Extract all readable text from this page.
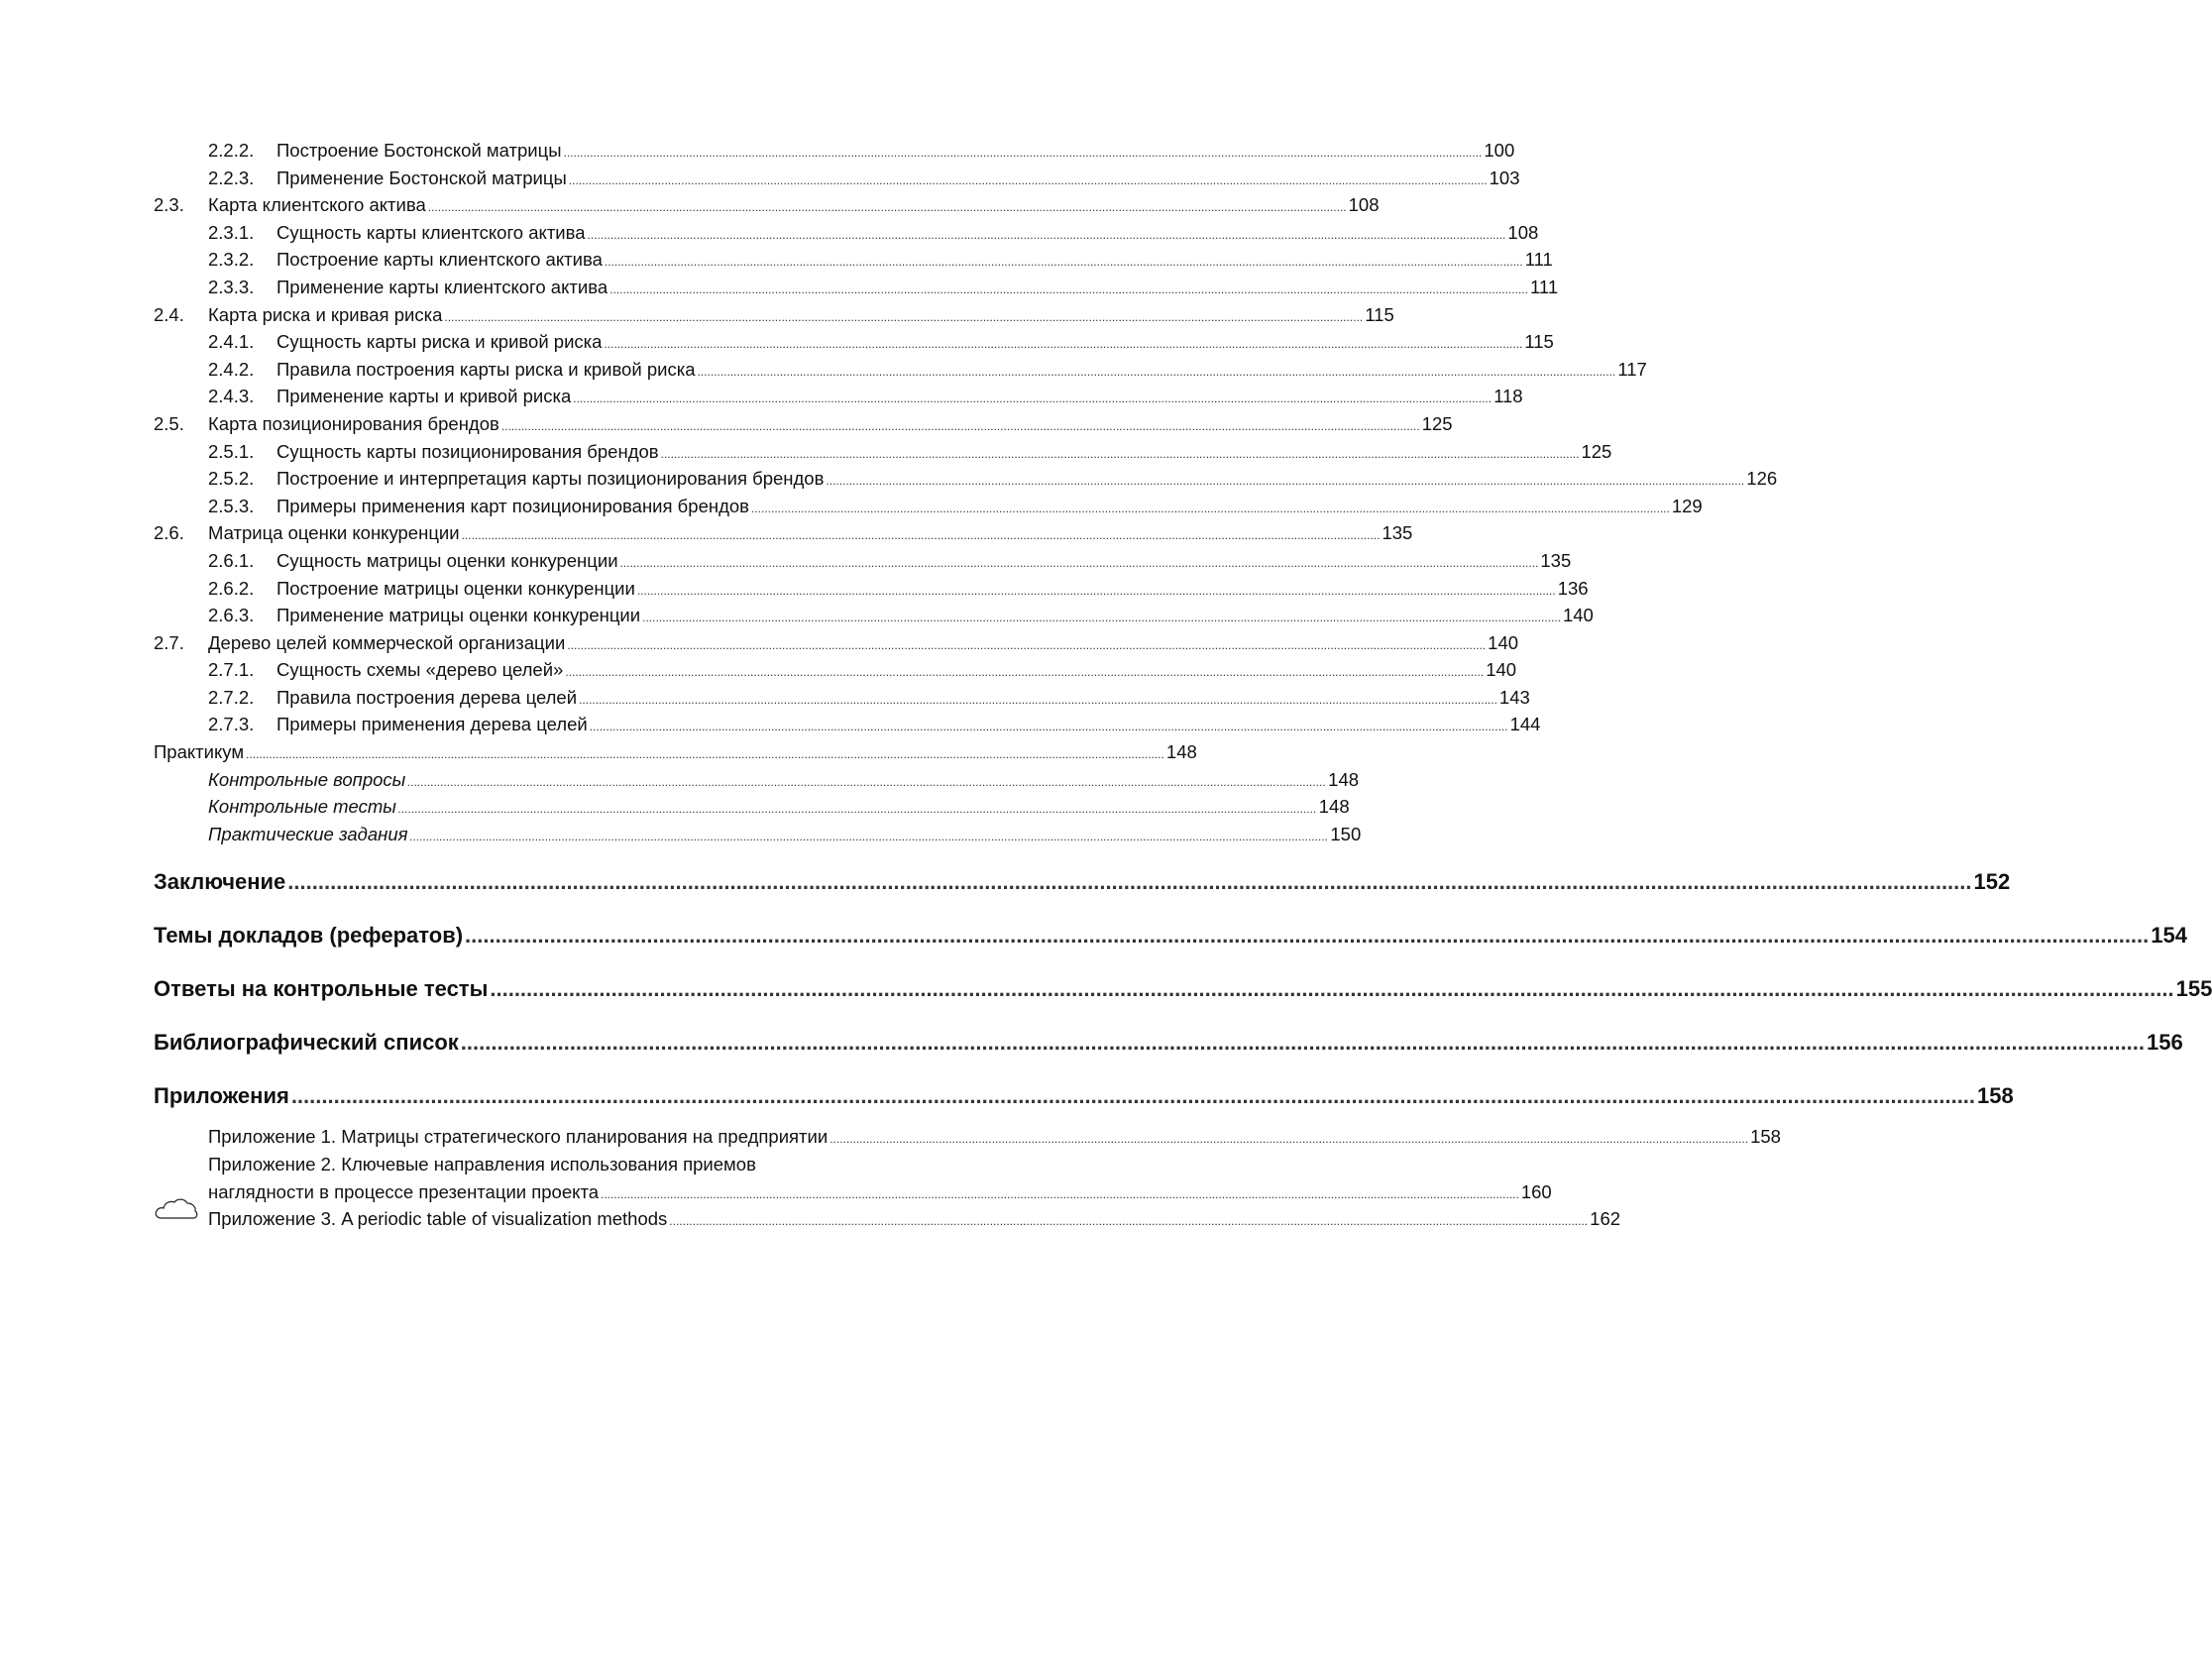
2.2.2.	Построение Бостонской матрицы .....	100
2.2.3.	Применение Бостонской матрицы .....	103
2.3.	Карта клиентского актива .....	108
2.3.1.	Сущность карты клиентского актива .....	108
2.3.2.	Построение карты клиентского актива .....	111
2.3.3.	Применение карты клиентского актива .....	111
2.4.	Карта риска и кривая риска .....	115
2.4.1.	Сущность карты риска и кривой риска .....	115
2.4.2.	Правила построения карты риска и кривой риска .....	117
2.4.3.	Применение карты и кривой риска .....	118
2.5.	Карта позиционирования брендов .....	125
2.5.1.	Сущность карты позиционирования брендов .....	125
2.5.2.	Построение и интерпретация карты позиционирования брендов .....	126
2.5.3.	Примеры применения карт позиционирования брендов .....	129
2.6.	Матрица оценки конкуренции .....	135
2.6.1.	Сущность матрицы оценки конкуренции .....	135
2.6.2.	Построение матрицы оценки конкуренции .....	136
2.6.3.	Применение матрицы оценки конкуренции .....	140
2.7.	Дерево целей коммерческой организации .....	140
2.7.1.	Сущность схемы «дерево целей» .....	140
2.7.2.	Правила построения дерева целей .....	143
2.7.3.	Примеры применения дерева целей .....	144
Практикум .....	148
Контрольные вопросы .....	148
Контрольные тесты .....	148
Практические задания .....	150
Заключение .....	152
Темы докладов (рефератов) .....	154
Ответы на контрольные тесты .....	155
Библиографический список .....	156
Приложения .....	158
Приложение 1. Матрицы стратегического планирования на предприятии .....	158
Приложение 2. Ключевые направления использования приемов
наглядности в процессе презентации проекта .....	160
Приложение 3. A periodic table of visualization methods .....	162
